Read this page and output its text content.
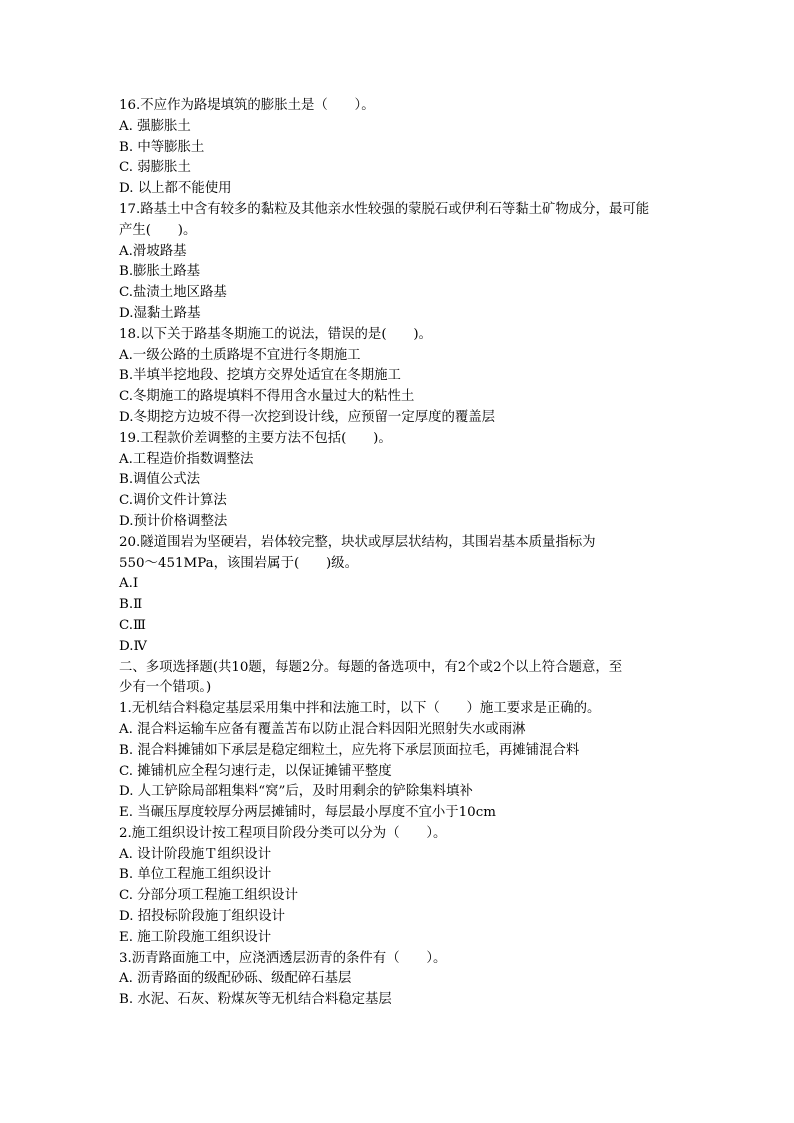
16.不应作为路堤填筑的膨胀土是（　　）。
A. 强膨胀土
B. 中等膨胀土
C. 弱膨胀土
D. 以上都不能使用
17.路基土中含有较多的黏粒及其他亲水性较强的蒙脱石或伊利石等黏土矿物成分，最可能
产生(　　)。
A.滑坡路基
B.膨胀土路基
C.盐渍土地区路基
D.湿黏土路基
18.以下关于路基冬期施工的说法，错误的是(　　)。
A.一级公路的土质路堤不宜进行冬期施工
B.半填半挖地段、挖填方交界处适宜在冬期施工
C.冬期施工的路堤填料不得用含水量过大的粘性土
D.冬期挖方边坡不得一次挖到设计线，应预留一定厚度的覆盖层
19.工程款价差调整的主要方法不包括(　　)。
A.工程造价指数调整法
B.调值公式法
C.调价文件计算法
D.预计价格调整法
20.隧道围岩为坚硬岩，岩体较完整，块状或厚层状结构，其围岩基本质量指标为
550～451MPa，该围岩属于(　　)级。
A.Ⅰ
B.Ⅱ
C.Ⅲ
D.Ⅳ
二、多项选择题(共10题，每题2分。每题的备选项中，有2个或2个以上符合题意，至
少有一个错项。)
1.无机结合料稳定基层采用集中拌和法施工时，以下（　　）施工要求是正确的。
A. 混合料运输车应备有覆盖苫布以防止混合料因阳光照射失水或雨淋
B. 混合料摊铺如下承层是稳定细粒土，应先将下承层顶面拉毛，再摊铺混合料
C. 摊铺机应全程匀速行走，以保证摊铺平整度
D. 人工铲除局部粗集料“窝”后，及时用剩余的铲除集料填补
E. 当碾压厚度较厚分两层摊铺时，每层最小厚度不宜小于10cm
2.施工组织设计按工程项目阶段分类可以分为（　　）。
A. 设计阶段施Ｔ组织设计
B. 单位工程施工组织设计
C. 分部分项工程施工组织设计
D. 招投标阶段施丁组织设计
E. 施工阶段施工组织设计
3.沥青路面施工中，应浇洒透层沥青的条件有（　　）。
A. 沥青路面的级配砂砾、级配碎石基层
B. 水泥、石灰、粉煤灰等无机结合料稳定基层
